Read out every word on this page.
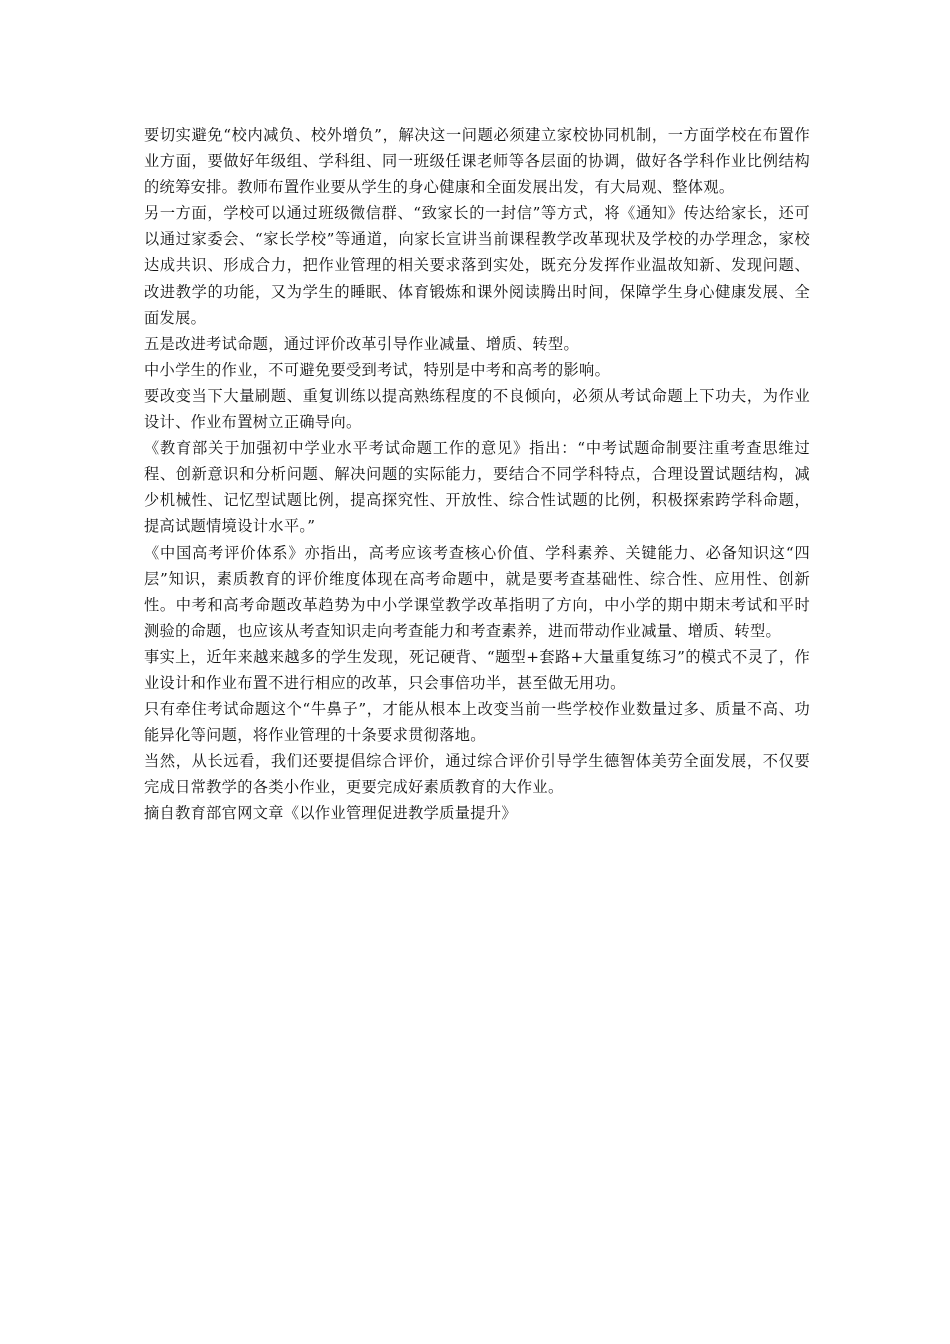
要切实避免“校内减负、校外增负”，解决这一问题必须建立家校协同机制，一方面学校在布置作业方面，要做好年级组、学科组、同一班级任课老师等各层面的协调，做好各学科作业比例结构的统筹安排。教师布置作业要从学生的身心健康和全面发展出发，有大局观、整体观。

另一方面，学校可以通过班级微信群、“致家长的一封信”等方式，将《通知》传达给家长，还可以通过家委会、“家长学校”等通道，向家长宣讲当前课程教学改革现状及学校的办学理念，家校达成共识、形成合力，把作业管理的相关要求落到实处，既充分发挥作业温故知新、发现问题、改进教学的功能，又为学生的睡眠、体育锻炼和课外阅读腾出时间，保障学生身心健康发展、全面发展。

五是改进考试命题，通过评价改革引导作业减量、增质、转型。

中小学生的作业，不可避免要受到考试，特别是中考和高考的影响。

要改变当下大量刷题、重复训练以提高熟练程度的不良倾向，必须从考试命题上下功夫，为作业设计、作业布置树立正确导向。

《教育部关于加强初中学业水平考试命题工作的意见》指出：“中考试题命制要注重考查思维过程、创新意识和分析问题、解决问题的实际能力，要结合不同学科特点，合理设置试题结构，减少机械性、记忆型试题比例，提高探究性、开放性、综合性试题的比例，积极探索跨学科命题，提高试题情境设计水平。”

《中国高考评价体系》亦指出，高考应该考查核心价值、学科素养、关键能力、必备知识这“四层”知识，素质教育的评价维度体现在高考命题中，就是要考查基础性、综合性、应用性、创新性。中考和高考命题改革趋势为中小学课堂教学改革指明了方向，中小学的期中期末考试和平时测验的命题，也应该从考查知识走向考查能力和考查素养，进而带动作业减量、增质、转型。

事实上，近年来越来越多的学生发现，死记硬背、“题型+套路+大量重复练习”的模式不灵了，作业设计和作业布置不进行相应的改革，只会事倍功半，甚至做无用功。

只有牵住考试命题这个“牛鼻子”，才能从根本上改变当前一些学校作业数量过多、质量不高、功能异化等问题，将作业管理的十条要求贯彻落地。

当然，从长远看，我们还要提倡综合评价，通过综合评价引导学生德智体美劳全面发展，不仅要完成日常教学的各类小作业，更要完成好素质教育的大作业。

摘自教育部官网文章《以作业管理促进教学质量提升》
